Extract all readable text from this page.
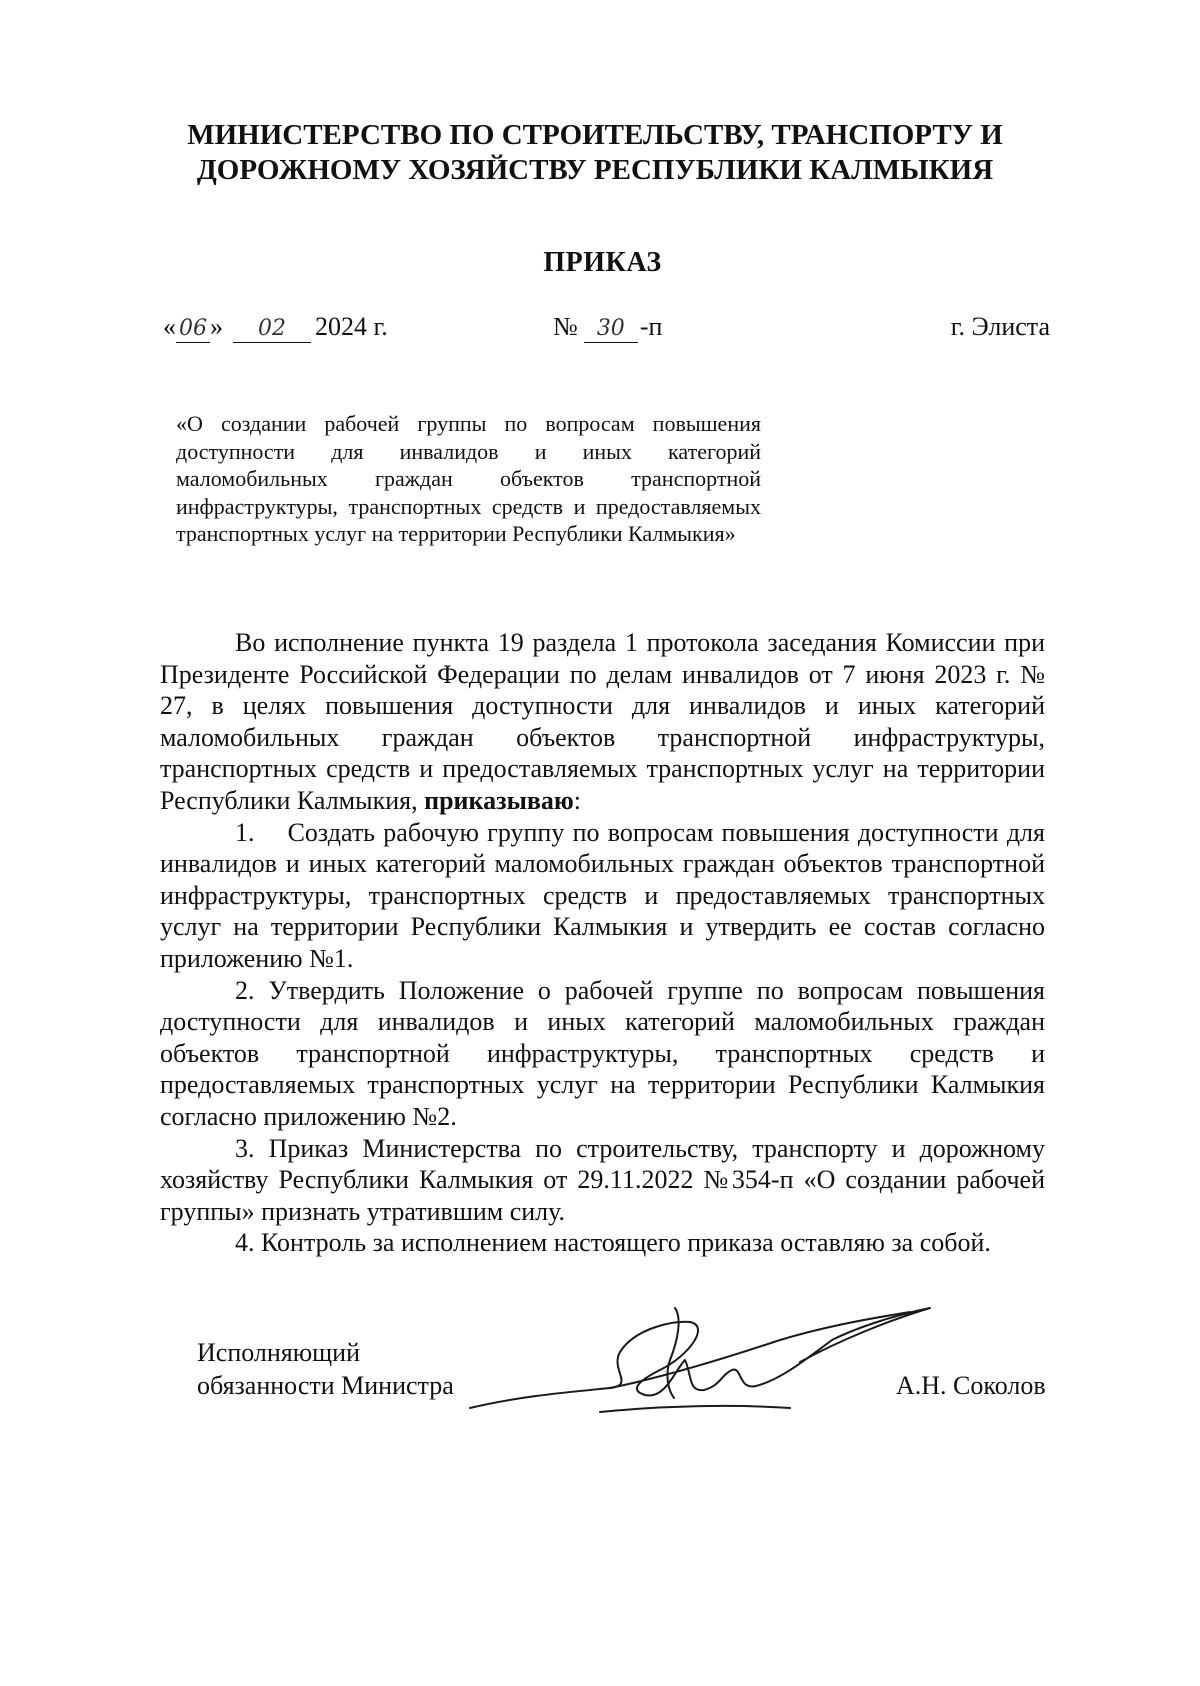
МИНИСТЕРСТВО ПО СТРОИТЕЛЬСТВУ, ТРАНСПОРТУ И
ДОРОЖНОМУ ХОЗЯЙСТВУ РЕСПУБЛИКИ КАЛМЫКИЯ
ПРИКАЗ
« 06 » 02 2024 г.	№ 30 -п	г. Элиста
«О создании рабочей группы по вопросам повышения доступности для инвалидов и иных категорий маломобильных граждан объектов транспортной инфраструктуры, транспортных средств и предоставляемых транспортных услуг на территории Республики Калмыкия»

Во исполнение пункта 19 раздела 1 протокола заседания Комиссии при Президенте Российской Федерации по делам инвалидов от 7 июня 2023 г. № 27, в целях повышения доступности для инвалидов и иных категорий маломобильных граждан объектов транспортной инфраструктуры, транспортных средств и предоставляемых транспортных услуг на территории Республики Калмыкия, приказываю:

1.    Создать рабочую группу по вопросам повышения доступности для инвалидов и иных категорий маломобильных граждан объектов транспортной инфраструктуры, транспортных средств и предоставляемых транспортных услуг на территории Республики Калмыкия и утвердить ее состав согласно приложению №1.

2. Утвердить Положение о рабочей группе по вопросам повышения доступности для инвалидов и иных категорий маломобильных граждан объектов транспортной инфраструктуры, транспортных средств и предоставляемых транспортных услуг на территории Республики Калмыкия согласно приложению №2.

3. Приказ Министерства по строительству, транспорту и дорожному хозяйству Республики Калмыкия от 29.11.2022 №354-п «О создании рабочей группы» признать утратившим силу.

4. Контроль за исполнением настоящего приказа оставляю за собой.

Исполняющий
обязанности Министра	А.Н. Соколов
